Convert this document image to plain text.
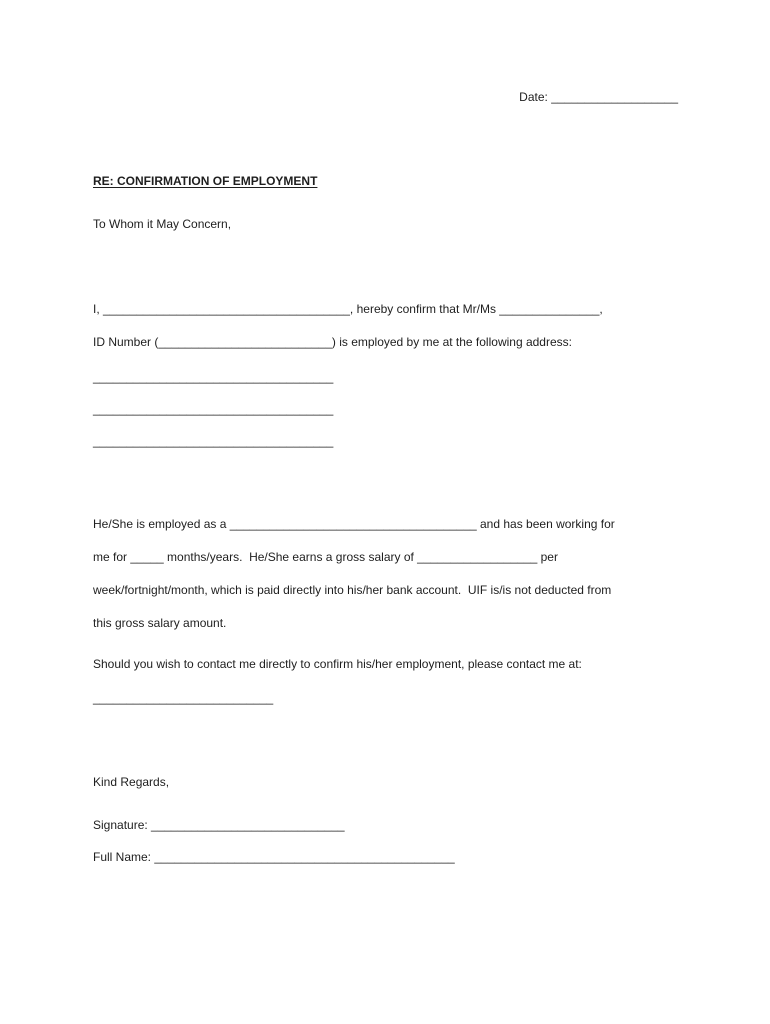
Date: ___________________

RE: CONFIRMATION OF EMPLOYMENT

To Whom it May Concern,

I, _____________________________________, hereby confirm that Mr/Ms _______________,

ID Number (__________________________) is employed by me at the following address:

____________________________________

____________________________________

____________________________________

He/She is employed as a _____________________________________ and has been working for

me for _____ months/years.  He/She earns a gross salary of __________________ per

week/fortnight/month, which is paid directly into his/her bank account.  UIF is/is not deducted from

this gross salary amount.

Should you wish to contact me directly to confirm his/her employment, please contact me at:

___________________________

Kind Regards,

Signature: _____________________________

Full Name: _____________________________________________
